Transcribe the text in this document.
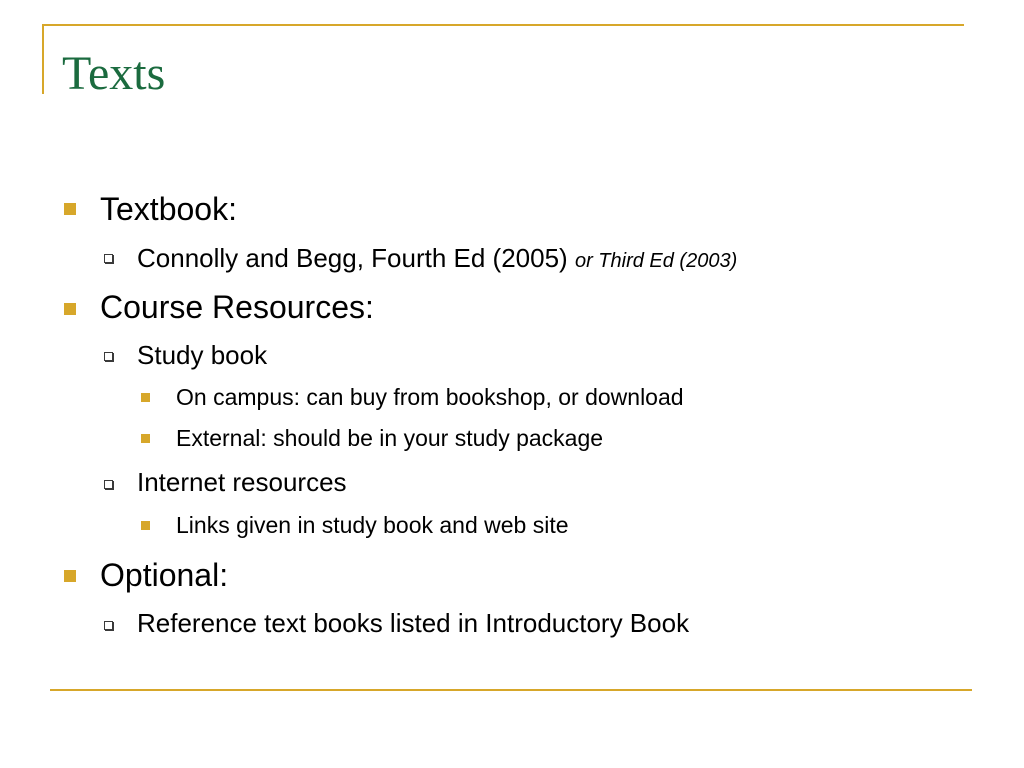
Texts
Textbook:
Connolly and Begg, Fourth Ed (2005) or Third Ed (2003)
Course Resources:
Study book
On campus: can buy from bookshop, or download
External: should be in your study package
Internet resources
Links given in study book and web site
Optional:
Reference text books listed in Introductory Book
